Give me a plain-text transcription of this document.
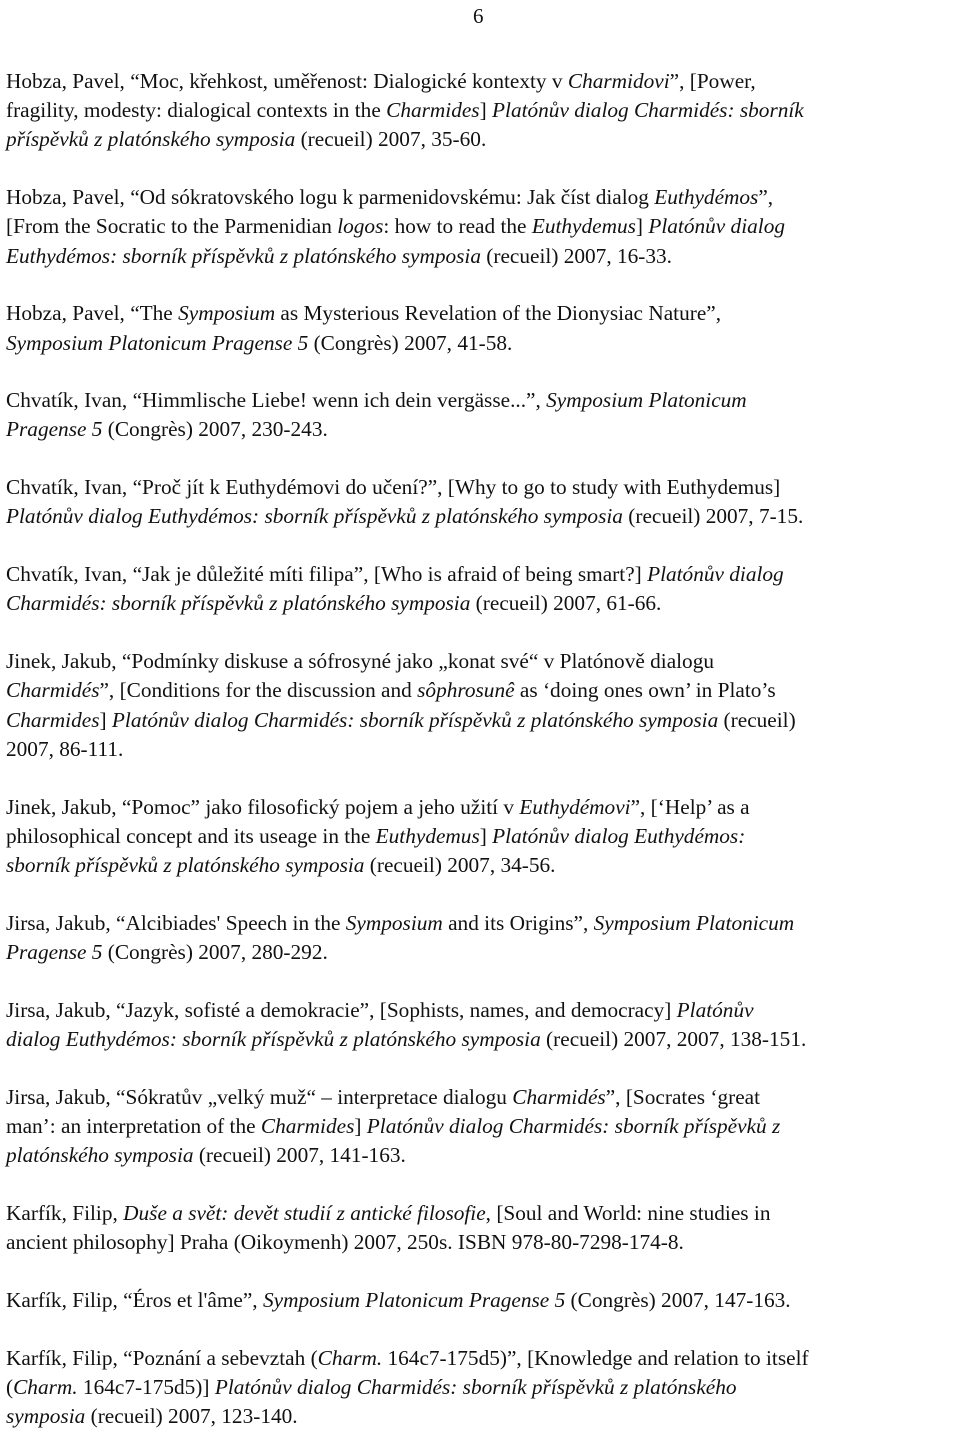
6

Hobza, Pavel, “Moc, křehkost, uměřenost: Dialogické kontexty v Charmidovi”, [Power,
fragility, modesty: dialogical contexts in the Charmides] Platónův dialog Charmidés: sborník
příspěvků z platónského symposia (recueil) 2007, 35-60.

Hobza, Pavel, “Od sókratovského logu k parmenidovskému: Jak číst dialog Euthydémos”,
[From the Socratic to the Parmenidian logos: how to read the Euthydemus] Platónův dialog
Euthydémos: sborník příspěvků z platónského symposia (recueil) 2007, 16-33.

Hobza, Pavel, “The Symposium as Mysterious Revelation of the Dionysiac Nature”,
Symposium Platonicum Pragense 5 (Congrès) 2007, 41-58.

Chvatík, Ivan, “Himmlische Liebe! wenn ich dein vergässe...”, Symposium Platonicum
Pragense 5 (Congrès) 2007, 230-243.

Chvatík, Ivan, “Proč jít k Euthydémovi do učení?”, [Why to go to study with Euthydemus]
Platónův dialog Euthydémos: sborník příspěvků z platónského symposia (recueil) 2007, 7-15.

Chvatík, Ivan, “Jak je důležité míti filipa”, [Who is afraid of being smart?] Platónův dialog
Charmidés: sborník příspěvků z platónského symposia (recueil) 2007, 61-66.

Jinek, Jakub, “Podmínky diskuse a sófrosyné jako „konat své“ v Platónově dialogu
Charmidés”, [Conditions for the discussion and sôphrosunê as ‘doing ones own’ in Plato’s
Charmides] Platónův dialog Charmidés: sborník příspěvků z platónského symposia (recueil)
2007, 86-111.

Jinek, Jakub, “Pomoc” jako filosofický pojem a jeho užití v Euthydémovi”, [‘Help’ as a
philosophical concept and its useage in the Euthydemus] Platónův dialog Euthydémos:
sborník příspěvků z platónského symposia (recueil) 2007, 34-56.

Jirsa, Jakub, “Alcibiades' Speech in the Symposium and its Origins”, Symposium Platonicum
Pragense 5 (Congrès) 2007, 280-292.

Jirsa, Jakub, “Jazyk, sofisté a demokracie”, [Sophists, names, and democracy] Platónův
dialog Euthydémos: sborník příspěvků z platónského symposia (recueil) 2007, 2007, 138-151.

Jirsa, Jakub, “Sókratův „velký muž“ – interpretace dialogu Charmidés”, [Socrates ‘great
man’: an interpretation of the Charmides] Platónův dialog Charmidés: sborník příspěvků z
platónského symposia (recueil) 2007, 141-163.

Karfík, Filip, Duše a svět: devět studií z antické filosofie, [Soul and World: nine studies in
ancient philosophy] Praha (Oikoymenh) 2007, 250s. ISBN 978-80-7298-174-8.

Karfík, Filip, “Éros et l'âme”, Symposium Platonicum Pragense 5 (Congrès) 2007, 147-163.

Karfík, Filip, “Poznání a sebevztah (Charm. 164c7-175d5)”, [Knowledge and relation to itself
(Charm. 164c7-175d5)] Platónův dialog Charmidés: sborník příspěvků z platónského
symposia (recueil) 2007, 123-140.
